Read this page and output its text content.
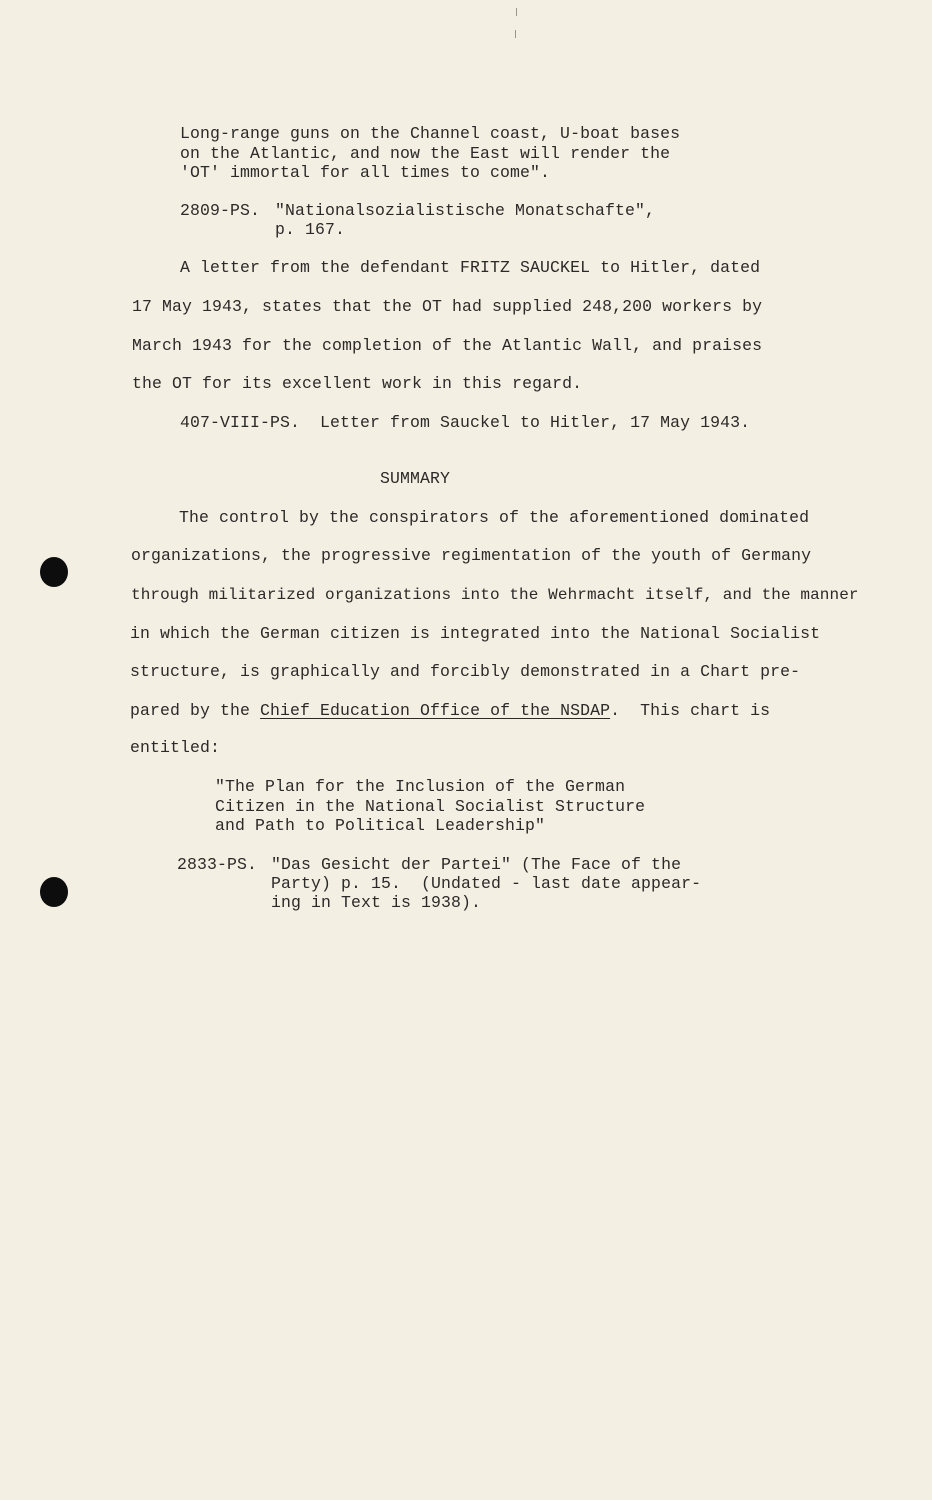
Long-range guns on the Channel coast, U-boat bases
on the Atlantic, and now the East will render the
'OT' immortal for all times to come".
2809-PS. "Nationalsozialistische Monatschafte",
p. 167.
A letter from the defendant FRITZ SAUCKEL to Hitler, dated
17 May 1943, states that the OT had supplied 248,200 workers by
March 1943 for the completion of the Atlantic Wall, and praises
the OT for its excellent work in this regard.
407-VIII-PS.  Letter from Sauckel to Hitler, 17 May 1943.
SUMMARY
The control by the conspirators of the aforementioned dominated
organizations, the progressive regimentation of the youth of Germany
through militarized organizations into the Wehrmacht itself, and the manner
in which the German citizen is integrated into the National Socialist
structure, is graphically and forcibly demonstrated in a Chart pre-
pared by the Chief Education Office of the NSDAP.  This chart is
entitled:
"The Plan for the Inclusion of the German
Citizen in the National Socialist Structure
and Path to Political Leadership"
2833-PS. "Das Gesicht der Partei" (The Face of the
Party) p. 15.  (Undated - last date appear-
ing in Text is 1938).
